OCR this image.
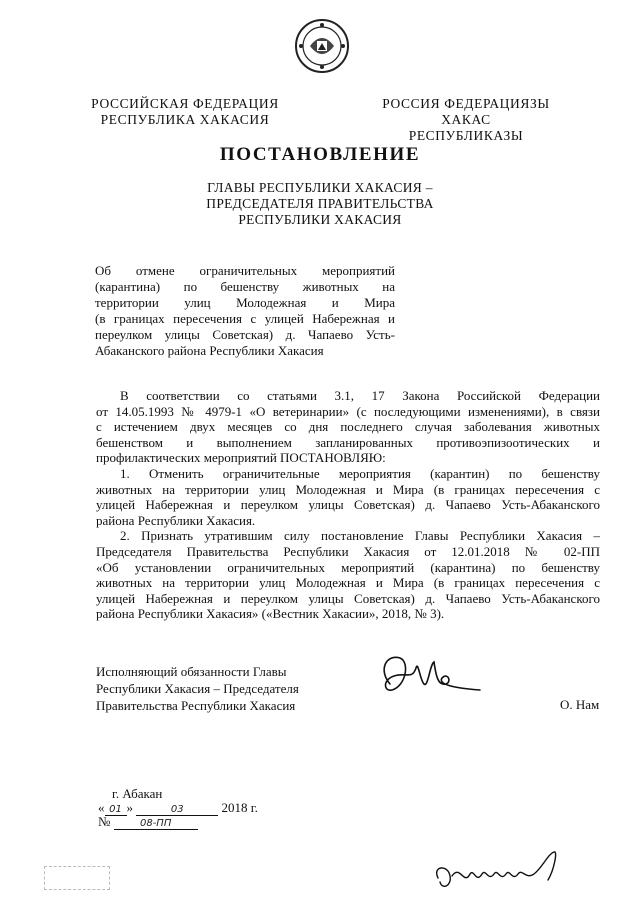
РОССИЙСКАЯ ФЕДЕРАЦИЯ
РЕСПУБЛИКА ХАКАСИЯ
РОССИЯ ФЕДЕРАЦИЯЗЫ
ХАКАС РЕСПУБЛИКАЗЫ
ПОСТАНОВЛЕНИЕ
ГЛАВЫ РЕСПУБЛИКИ ХАКАСИЯ –
ПРЕДСЕДАТЕЛЯ ПРАВИТЕЛЬСТВА
РЕСПУБЛИКИ ХАКАСИЯ
Об отмене ограничительных мероприятий
(карантина) по бешенству животных на
территории улиц Молодежная и Мира
(в границах пересечения с улицей Набережная и
переулком улицы Советская) д. Чапаево Усть-
Абаканского района Республики Хакасия
В соответствии со статьями 3.1, 17 Закона Российской Федерации
от 14.05.1993 № 4979-1 «О ветеринарии» (с последующими изменениями), в связи
с истечением двух месяцев со дня последнего случая заболевания животных
бешенством и выполнением запланированных противоэпизоотических и
профилактических мероприятий ПОСТАНОВЛЯЮ:
1. Отменить ограничительные мероприятия (карантин) по бешенству
животных на территории улиц Молодежная и Мира (в границах пересечения с
улицей Набережная и переулком улицы Советская) д. Чапаево Усть-Абаканского
района Республики Хакасия.
2. Признать утратившим силу постановление Главы Республики Хакасия –
Председателя Правительства Республики Хакасия от 12.01.2018 № 02-ПП
«Об установлении ограничительных мероприятий (карантина) по бешенству
животных на территории улиц Молодежная и Мира (в границах пересечения с
улицей Набережная и переулком улицы Советская) д. Чапаево Усть-Абаканского
района Республики Хакасия» («Вестник Хакасии», 2018, № 3).
Исполняющий обязанности Главы
Республики Хакасия – Председателя
Правительства Республики Хакасия	О. Нам
г. Абакан
« 01 »	03	2018 г.
№	08-ПП
